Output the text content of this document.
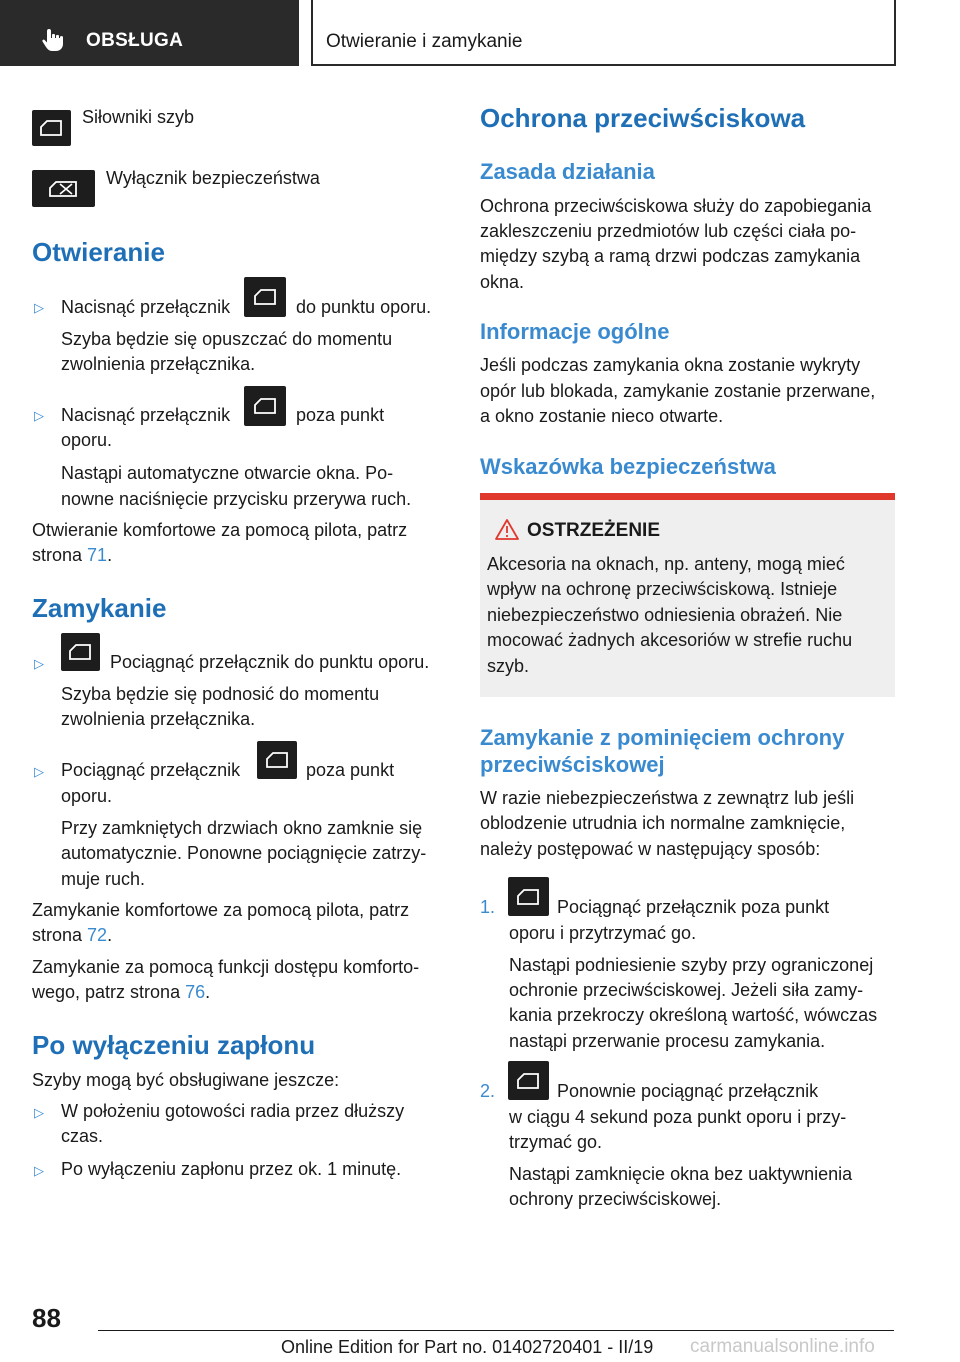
OBSŁUGA	Otwieranie i zamykanie
Siłowniki szyb
Wyłącznik bezpieczeństwa
Otwieranie
▷ Nacisnąć przełącznik	do punktu oporu.
Szyba będzie się opuszczać do momentu
zwolnienia przełącznika.
▷ Nacisnąć przełącznik	poza punkt
oporu.
Nastąpi automatyczne otwarcie okna. Po-
nowne naciśnięcie przycisku przerywa ruch.
Otwieranie komfortowe za pomocą pilota, patrz
strona 71.
Zamykanie
▷	Pociągnąć przełącznik do punktu oporu.
Szyba będzie się podnosić do momentu
zwolnienia przełącznika.
▷ Pociągnąć przełącznik	poza punkt
oporu.
Przy zamkniętych drzwiach okno zamknie się
automatycznie. Ponowne pociągnięcie zatrzy-
muje ruch.
Zamykanie komfortowe za pomocą pilota, patrz
strona 72.
Zamykanie za pomocą funkcji dostępu komforto-
wego, patrz strona 76.
Po wyłączeniu zapłonu
Szyby mogą być obsługiwane jeszcze:
▷ W położeniu gotowości radia przez dłuższy
czas.
▷ Po wyłączeniu zapłonu przez ok. 1 minutę.
Ochrona przeciwściskowa
Zasada działania
Ochrona przeciwściskowa służy do zapobiegania
zakleszczeniu przedmiotów lub części ciała po-
między szybą a ramą drzwi podczas zamykania
okna.
Informacje ogólne
Jeśli podczas zamykania okna zostanie wykryty
opór lub blokada, zamykanie zostanie przerwane,
a okno zostanie nieco otwarte.
Wskazówka bezpieczeństwa
OSTRZEŻENIE
Akcesoria na oknach, np. anteny, mogą mieć
wpływ na ochronę przeciwściskową. Istnieje
niebezpieczeństwo odniesienia obrażeń. Nie
mocować żadnych akcesoriów w strefie ruchu
szyb.
Zamykanie z pominięciem ochrony
przeciwściskowej
W razie niebezpieczeństwa z zewnątrz lub jeśli
oblodzenie utrudnia ich normalne zamknięcie,
należy postępować w następujący sposób:
1.	Pociągnąć przełącznik poza punkt
oporu i przytrzymać go.
Nastąpi podniesienie szyby przy ograniczonej
ochronie przeciwściskowej. Jeżeli siła zamy-
kania przekroczy określoną wartość, wówczas
nastąpi przerwanie procesu zamykania.
2.	Ponownie pociągnąć przełącznik
w ciągu 4 sekund poza punkt oporu i przy-
trzymać go.
Nastąpi zamknięcie okna bez uaktywnienia
ochrony przeciwściskowej.
88
Online Edition for Part no. 01402720401 - II/19 carmanualsonline.info
